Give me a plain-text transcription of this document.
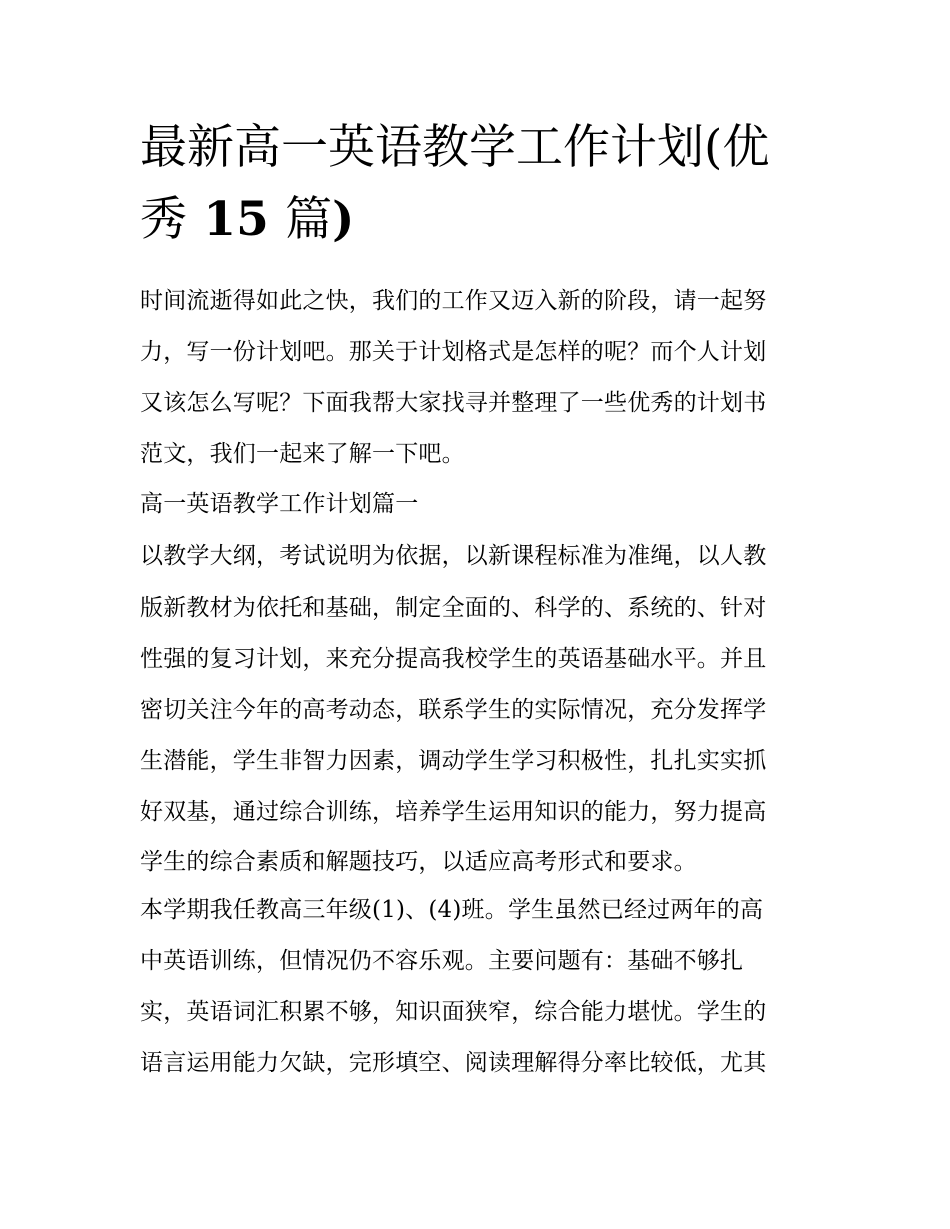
最新高一英语教学工作计划(优
秀 15 篇)

时间流逝得如此之快，我们的工作又迈入新的阶段，请一起努

力，写一份计划吧。那关于计划格式是怎样的呢？而个人计划

又该怎么写呢？下面我帮大家找寻并整理了一些优秀的计划书

范文，我们一起来了解一下吧。

高一英语教学工作计划篇一

以教学大纲，考试说明为依据，以新课程标准为准绳，以人教

版新教材为依托和基础，制定全面的、科学的、系统的、针对

性强的复习计划，来充分提高我校学生的英语基础水平。并且

密切关注今年的高考动态，联系学生的实际情况，充分发挥学

生潜能，学生非智力因素，调动学生学习积极性，扎扎实实抓

好双基，通过综合训练，培养学生运用知识的能力，努力提高

学生的综合素质和解题技巧，以适应高考形式和要求。

本学期我任教高三年级(1)、(4)班。学生虽然已经过两年的高

中英语训练，但情况仍不容乐观。主要问题有：基础不够扎

实，英语词汇积累不够，知识面狭窄，综合能力堪忧。学生的

语言运用能力欠缺，完形填空、阅读理解得分率比较低，尤其
